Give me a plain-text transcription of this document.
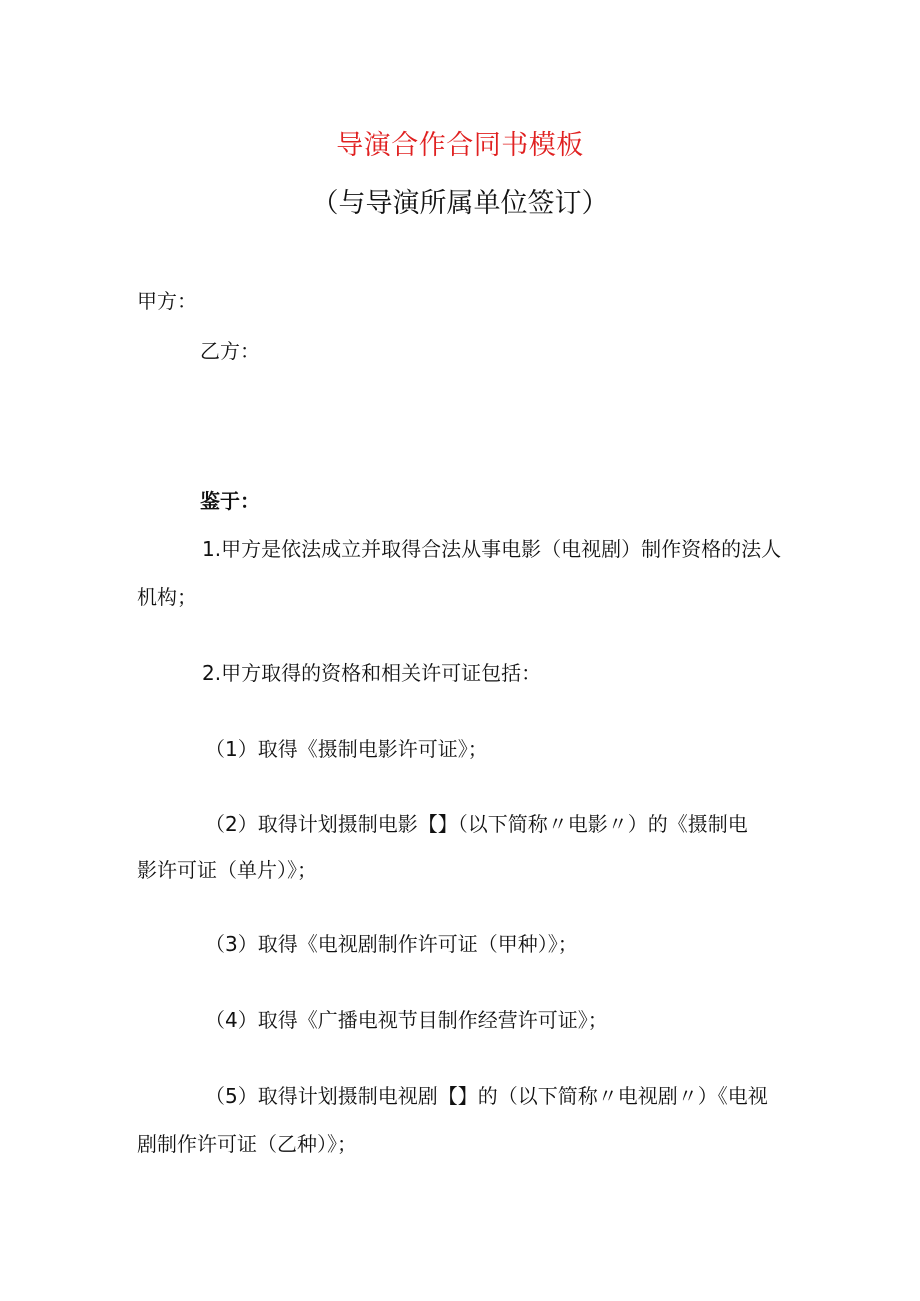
导演合作合同书模板
（与导演所属单位签订）
甲方：
乙方：
鉴于：
1.甲方是依法成立并取得合法从事电影（电视剧）制作资格的法人
机构；
2.甲方取得的资格和相关许可证包括：
（1）取得《摄制电影许可证》；
（2）取得计划摄制电影【】（以下简称〃电影〃）的《摄制电
影许可证（单片）》；
（3）取得《电视剧制作许可证（甲种）》；
（4）取得《广播电视节目制作经营许可证》；
（5）取得计划摄制电视剧【】的（以下简称〃电视剧〃）《电视
剧制作许可证（乙种）》；
